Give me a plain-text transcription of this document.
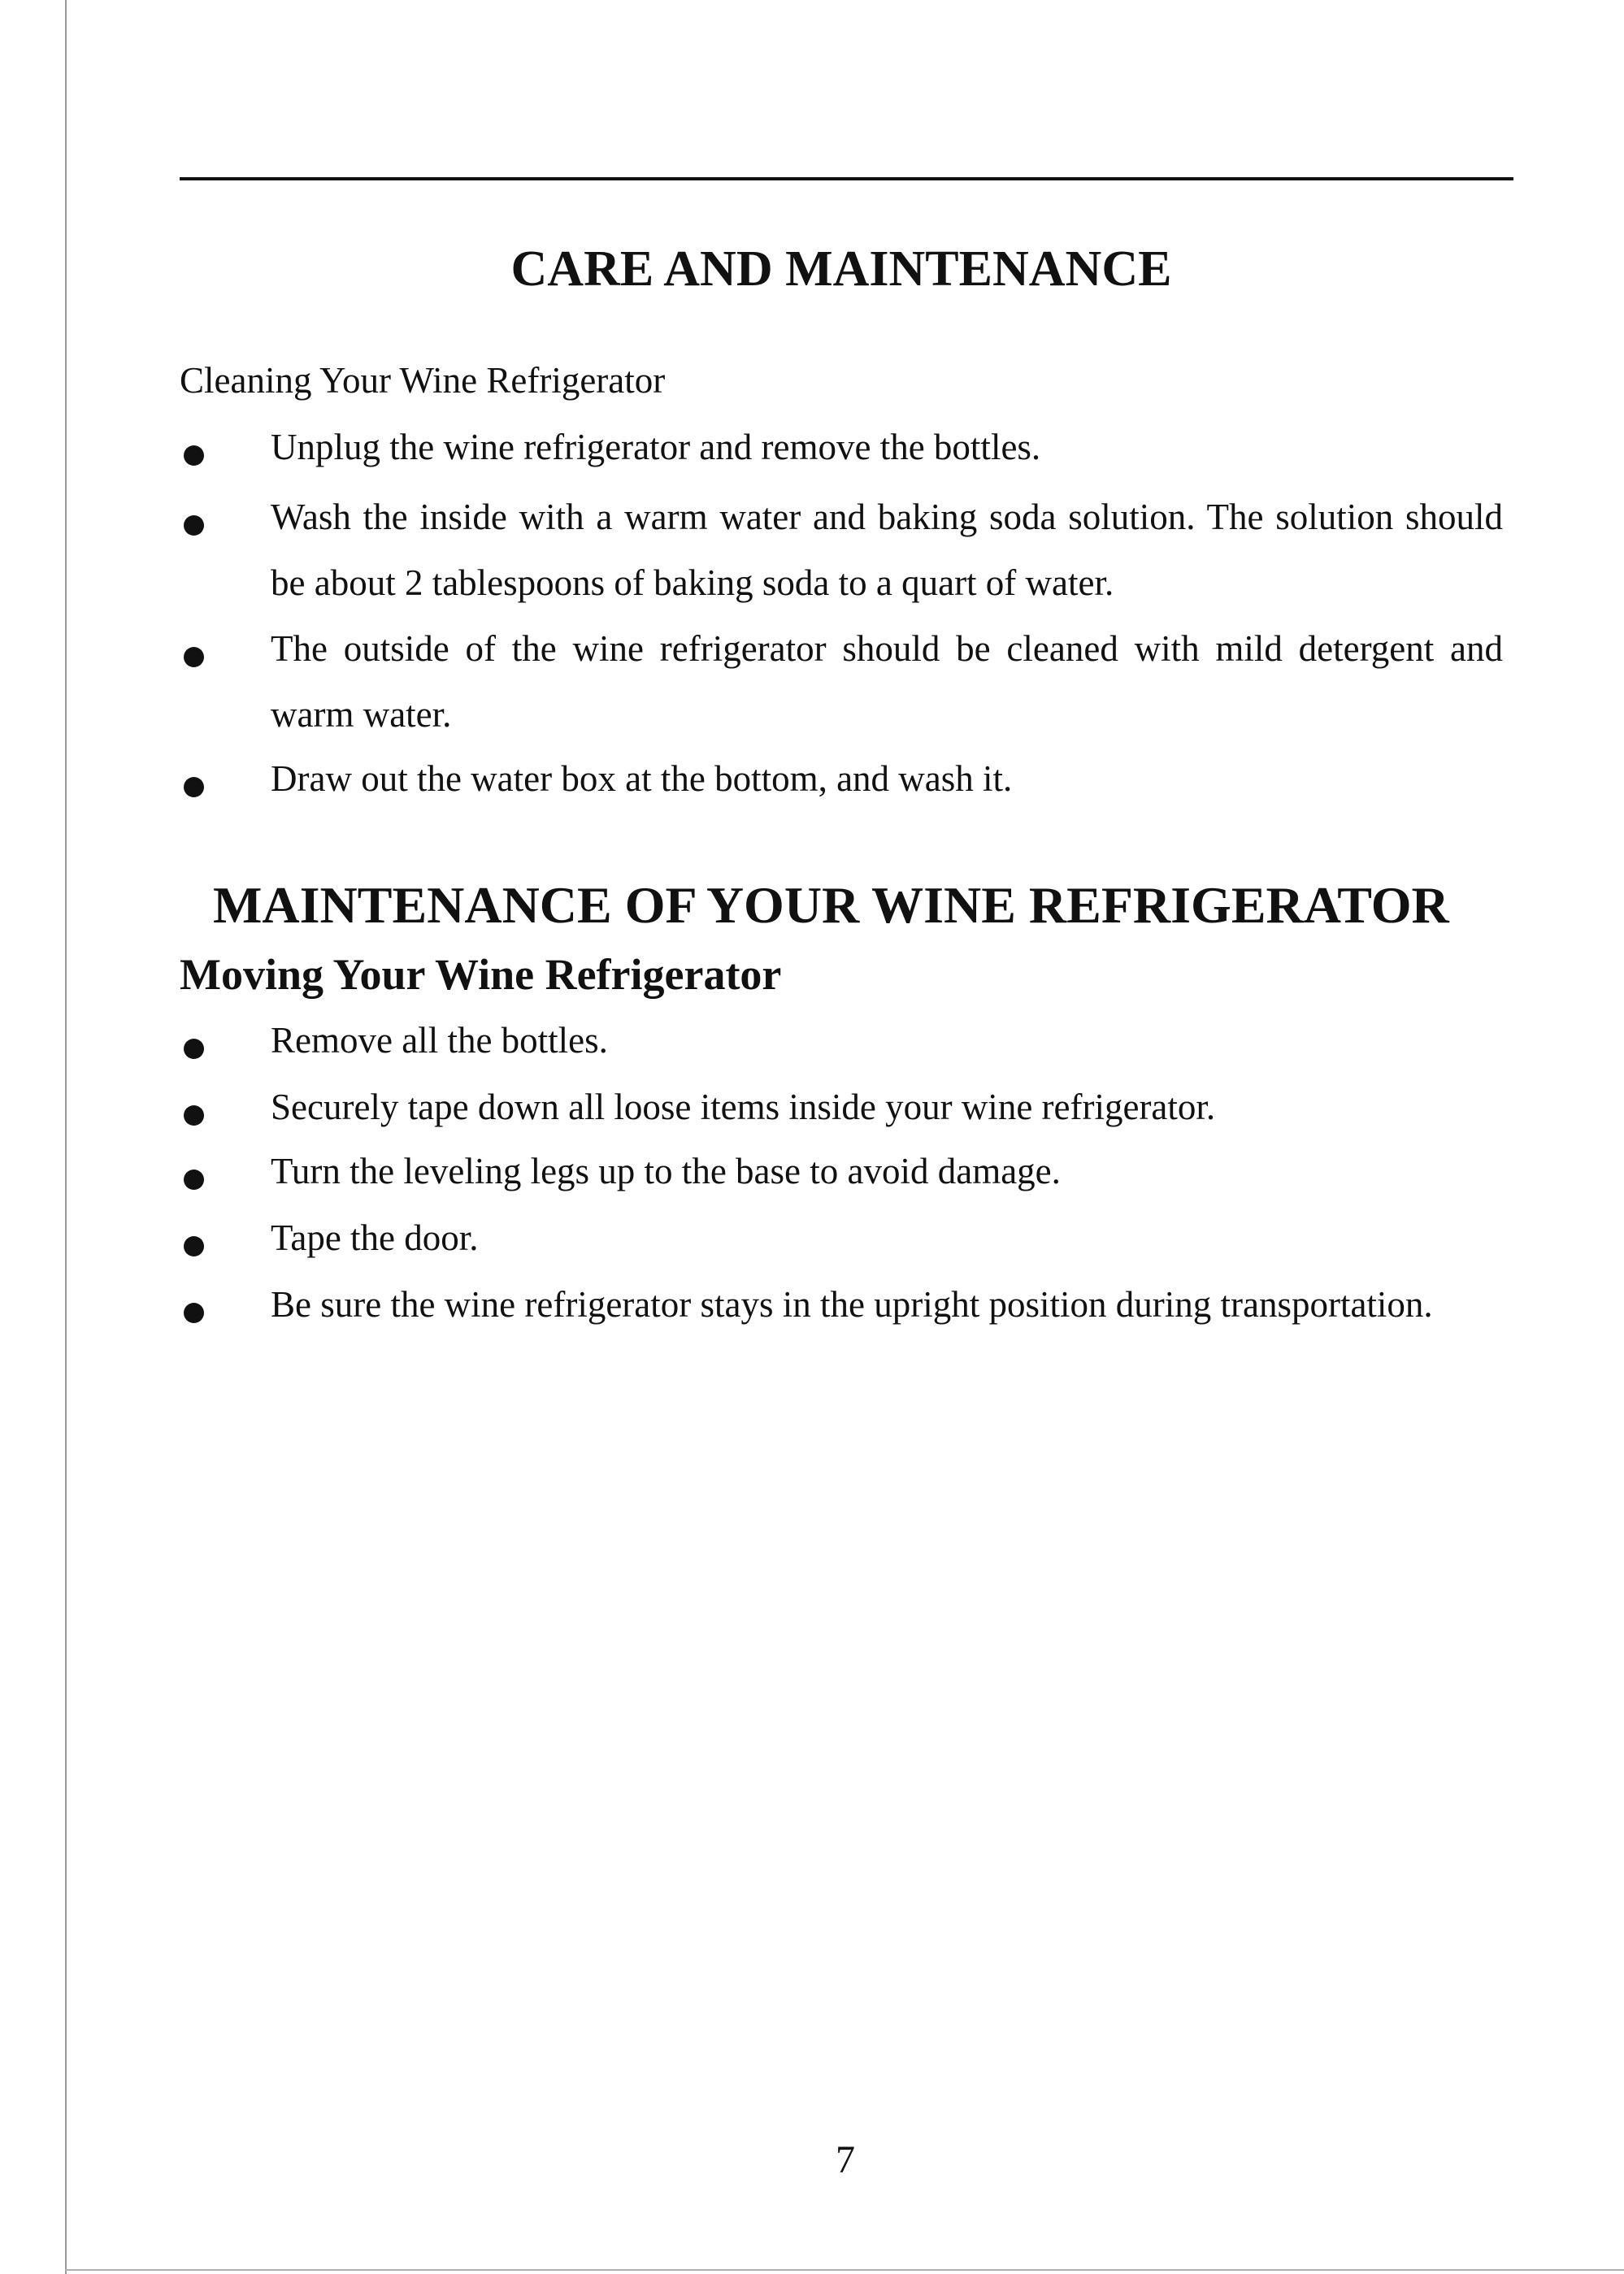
CARE AND MAINTENANCE

Cleaning Your Wine Refrigerator

Unplug the wine refrigerator and remove the bottles.

Wash the inside with a warm water and baking soda solution. The solution should be about 2 tablespoons of baking soda to a quart of water.

The outside of the wine refrigerator should be cleaned with mild detergent and warm water.

Draw out the water box at the bottom, and wash it.

MAINTENANCE OF YOUR WINE REFRIGERATOR
Moving Your Wine Refrigerator

Remove all the bottles.

Securely tape down all loose items inside your wine refrigerator.

Turn the leveling legs up to the base to avoid damage.

Tape the door.

Be sure the wine refrigerator stays in the upright position during transportation.

7
